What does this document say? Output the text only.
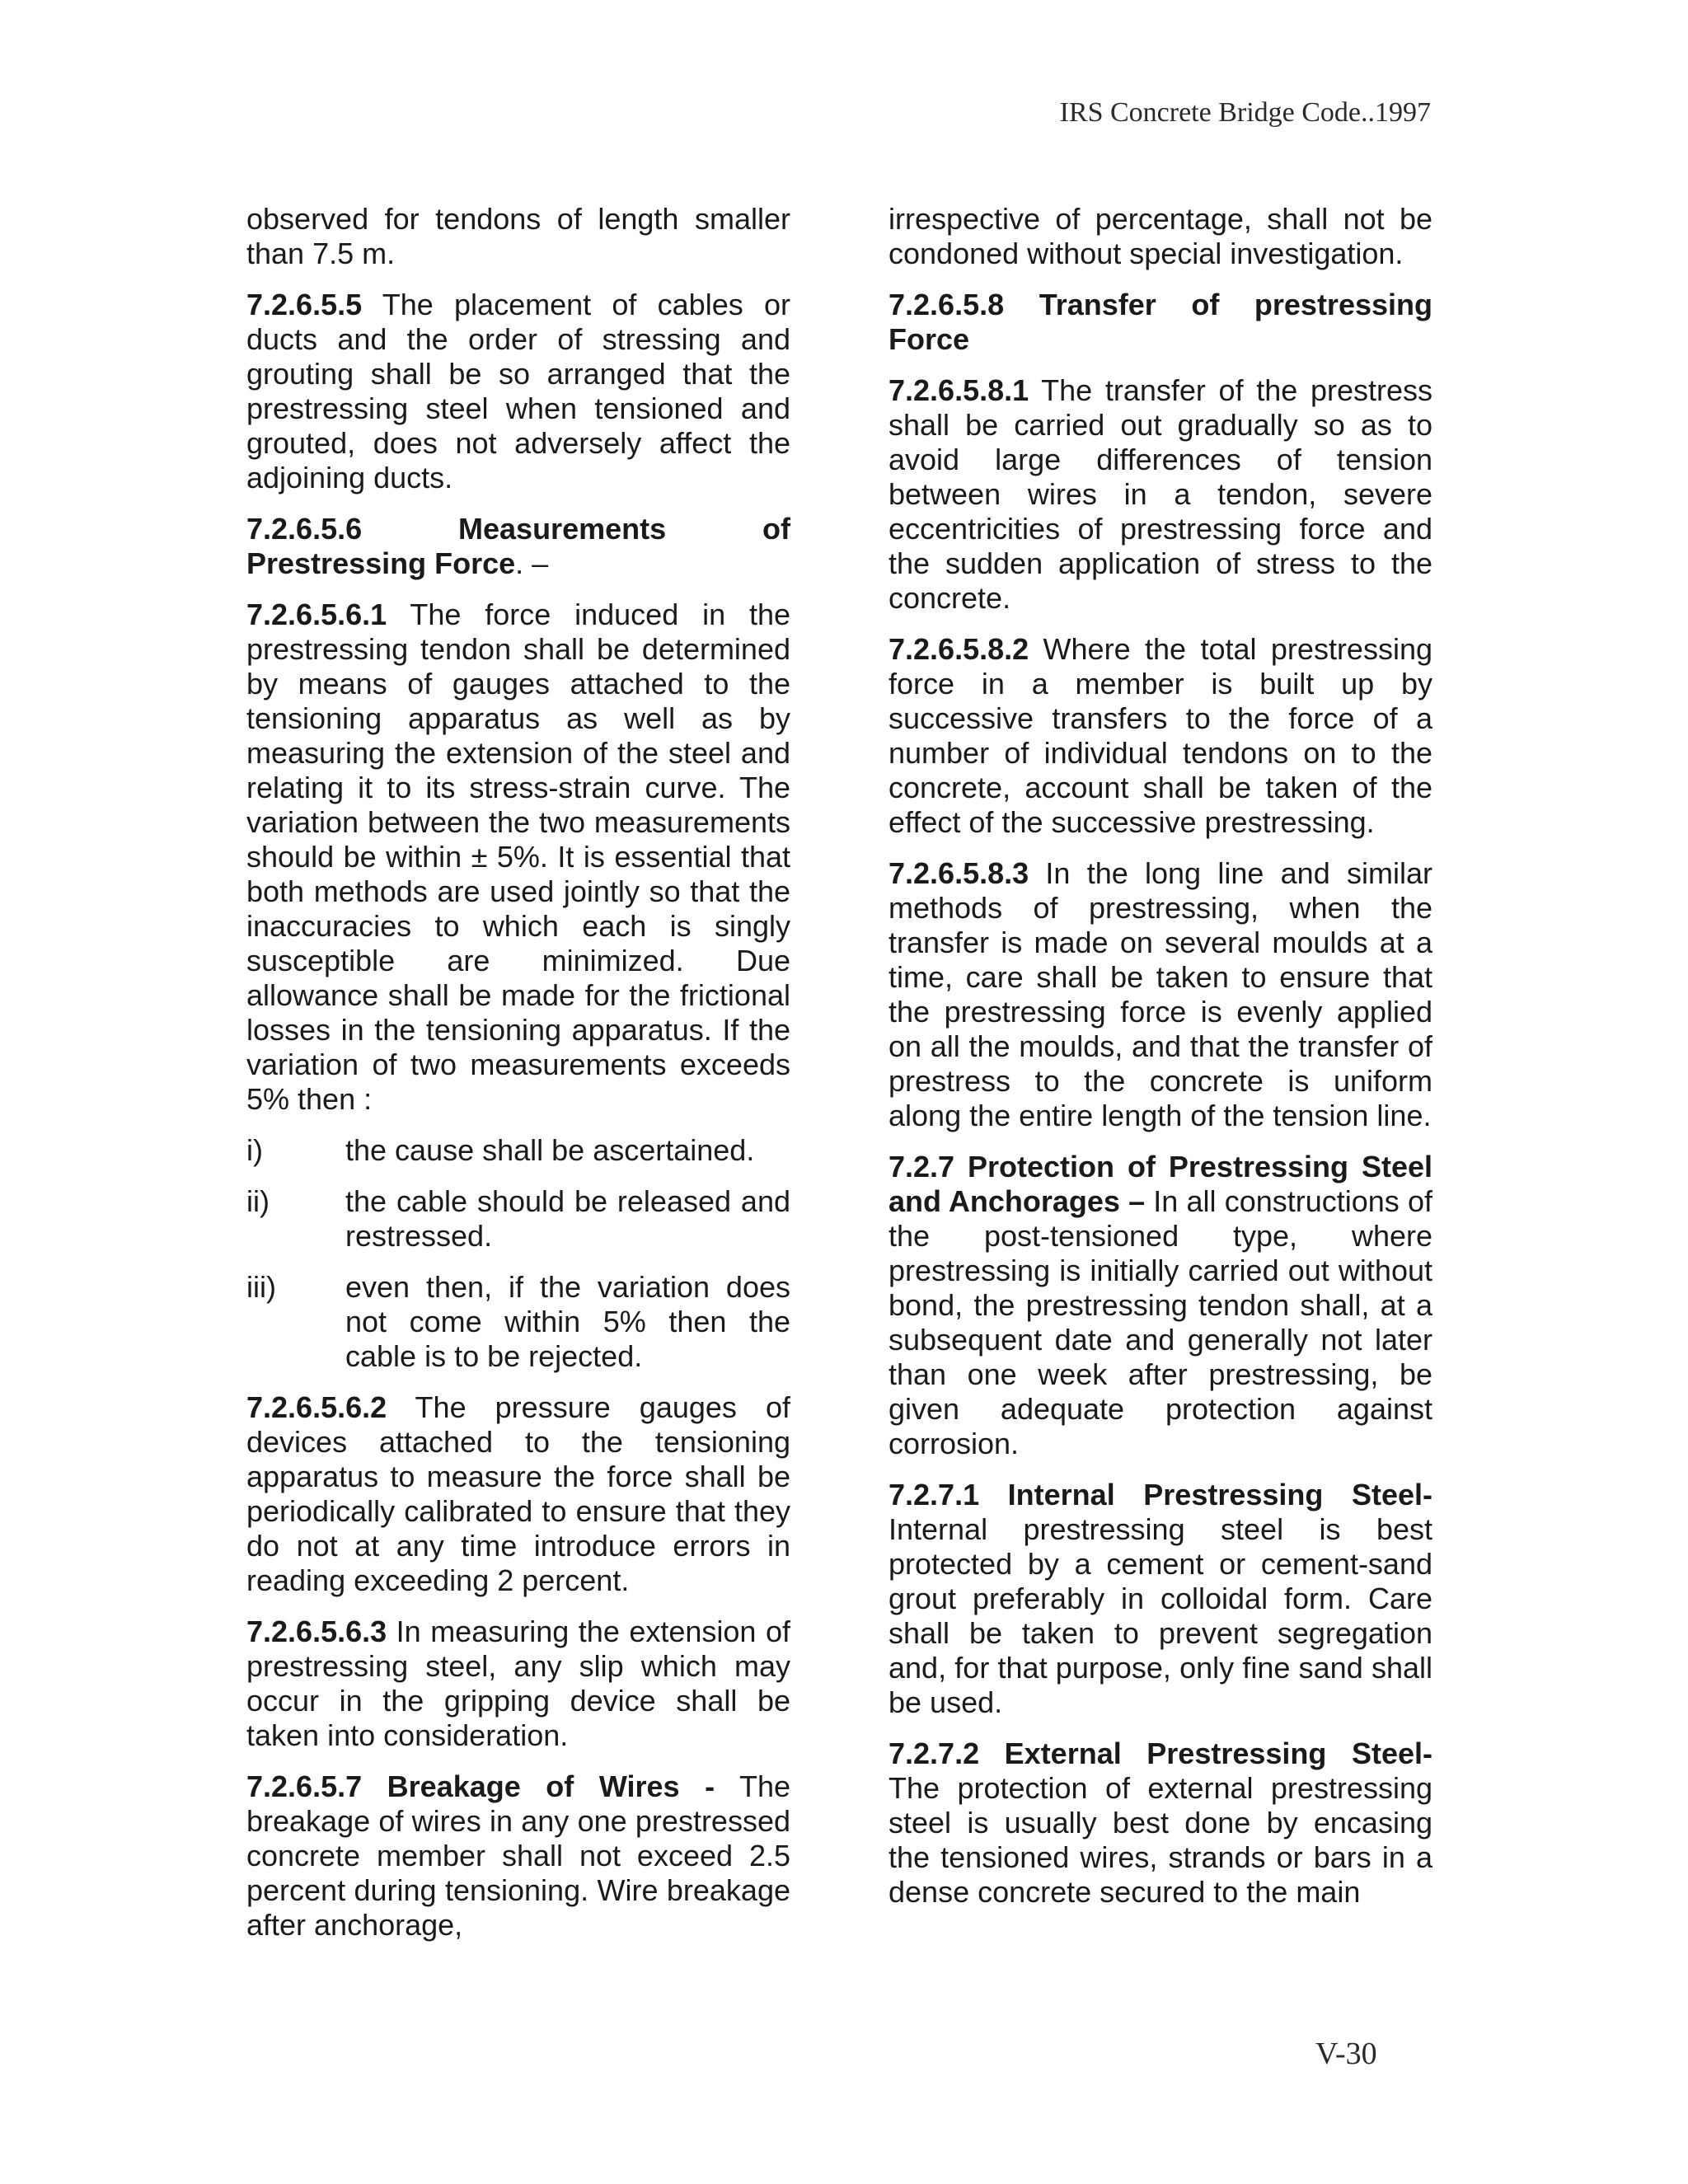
IRS Concrete Bridge Code..1997

observed for tendons of length smaller than 7.5 m.

7.2.6.5.5 The placement of cables or ducts and the order of stressing and grouting shall be so arranged that the prestressing steel when tensioned and grouted, does not adversely affect the adjoining ducts.

7.2.6.5.6 Measurements of Prestressing Force. –

7.2.6.5.6.1 The force induced in the prestressing tendon shall be determined by means of gauges attached to the tensioning apparatus as well as by measuring the extension of the steel and relating it to its stress-strain curve. The variation between the two measurements should be within ± 5%. It is essential that both methods are used jointly so that the inaccuracies to which each is singly susceptible are minimized. Due allowance shall be made for the frictional losses in the tensioning apparatus. If the variation of two measurements exceeds 5% then :

i)	the cause shall be ascertained.
ii)	the cable should be released and restressed.
iii)	even then, if the variation does not come within 5% then the cable is to be rejected.

7.2.6.5.6.2 The pressure gauges of devices attached to the tensioning apparatus to measure the force shall be periodically calibrated to ensure that they do not at any time introduce errors in reading exceeding 2 percent.

7.2.6.5.6.3 In measuring the extension of prestressing steel, any slip which may occur in the gripping device shall be taken into consideration.

7.2.6.5.7 Breakage of Wires - The breakage of wires in any one prestressed concrete member shall not exceed 2.5 percent during tensioning. Wire breakage after anchorage,

irrespective of percentage, shall not be condoned without special investigation.

7.2.6.5.8 Transfer of prestressing Force

7.2.6.5.8.1 The transfer of the prestress shall be carried out gradually so as to avoid large differences of tension between wires in a tendon, severe eccentricities of prestressing force and the sudden application of stress to the concrete.

7.2.6.5.8.2 Where the total prestressing force in a member is built up by successive transfers to the force of a number of individual tendons on to the concrete, account shall be taken of the effect of the successive prestressing.

7.2.6.5.8.3 In the long line and similar methods of prestressing, when the transfer is made on several moulds at a time, care shall be taken to ensure that the prestressing force is evenly applied on all the moulds, and that the transfer of prestress to the concrete is uniform along the entire length of the tension line.

7.2.7 Protection of Prestressing Steel and Anchorages – In all constructions of the post-tensioned type, where prestressing is initially carried out without bond, the prestressing tendon shall, at a subsequent date and generally not later than one week after prestressing, be given adequate protection against corrosion.

7.2.7.1 Internal Prestressing Steel- Internal prestressing steel is best protected by a cement or cement-sand grout preferably in colloidal form. Care shall be taken to prevent segregation and, for that purpose, only fine sand shall be used.

7.2.7.2 External Prestressing Steel- The protection of external prestressing steel is usually best done by encasing the tensioned wires, strands or bars in a dense concrete secured to the main

V-30
